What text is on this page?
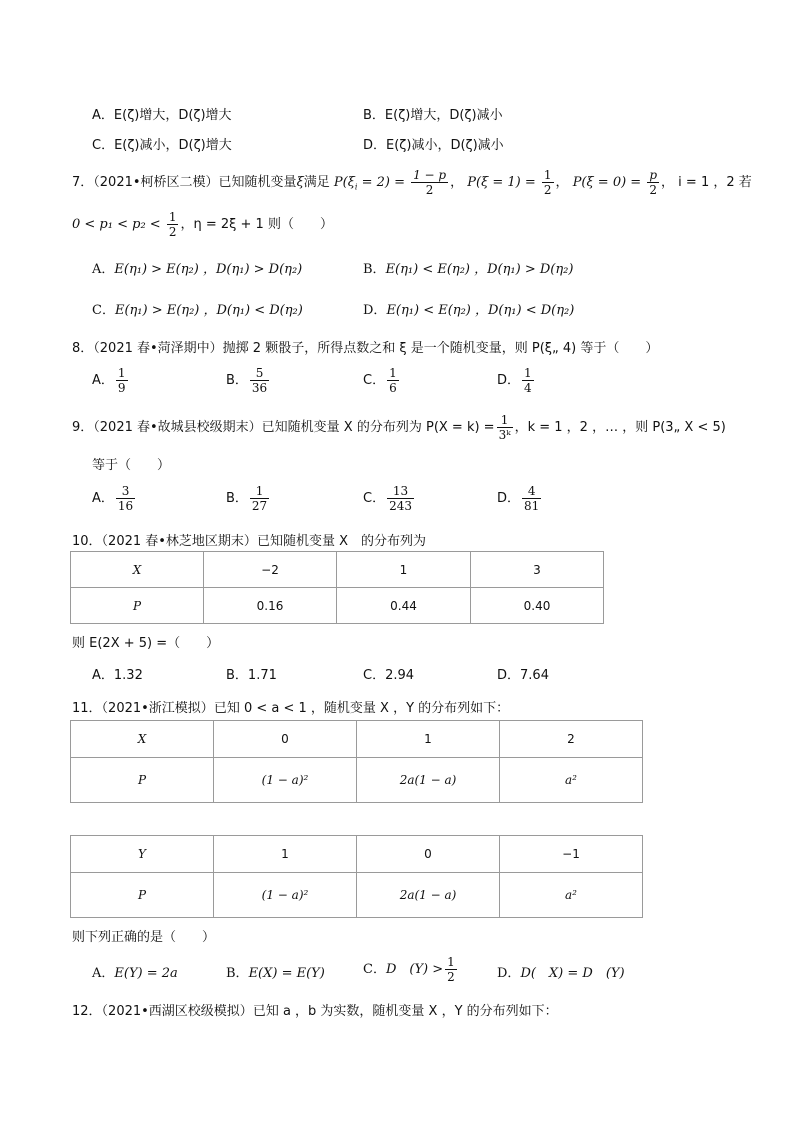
A．E(ζ)增大，D(ζ)增大	B．E(ζ)增大，D(ζ)减小
C．E(ζ)减小，D(ζ)增大	D．E(ζ)减小，D(ζ)减小
7．（2021•柯桥区二模）已知随机变量ξ满足 $P(\xi_i = 2) = \frac{1 - p}{2}$ ， $P(\xi = 1) = \frac{1}{2}$ ， $P(\xi = 0) = \frac{p}{2}$ ， i = 1 ，2 若
$0 < p_1 < p_2 < \frac{1}{2}$ ，η = 2ξ + 1 则（　　）
A．E(η₁) > E(η₂) ，D(η₁) > D(η₂)	B．E(η₁) < E(η₂) ，D(η₁) > D(η₂)
C．E(η₁) > E(η₂) ，D(η₁) < D(η₂)	D．E(η₁) < E(η₂) ，D(η₁) < D(η₂)
8．（2021 春•菏泽期中）抛掷 2 颗骰子，所得点数之和 ξ 是一个随机变量，则 P(ξ„ 4) 等于（　　）
A． $\frac{1}{9}$	B． $\frac{5}{36}$	C． $\frac{1}{6}$	D． $\frac{1}{4}$
9．（2021 春•故城县校级期末）已知随机变量 X 的分布列为 $P(X = k) = \frac{1}{\text{3ᵏ}}$ ，k = 1 ，2 ，… ，则 P(3„ X < 5)
等于（　　）
A． $\frac{3}{16}$	B． $\frac{1}{27}$	C． $\frac{13}{243}$	D． $\frac{4}{81}$
10．（2021 春•林芝地区期末）已知随机变量 X　的分布列为
X	−2	1	3
P	0.16	0.44	0.40
则 E(2X + 5) =（　　）
A．1.32	B．1.71	C．2.94	D．7.64
11．（2021•浙江模拟）已知 0 < a < 1 ，随机变量 X ，Y 的分布列如下：
X	0	1	2
P	(1 − a)²	2a(1 − a)	a²
Y	1	0	−1
P	(1 − a)²	2a(1 − a)	a²
则下列正确的是（　　）
A．E(Y) = 2a	B．E(X) = E(Y)	C．D　$(Y) > \frac{1}{2}$	D．D(　X) = D　(Y)
12．（2021•西湖区校级模拟）已知 a ，b 为实数，随机变量 X ，Y 的分布列如下：
